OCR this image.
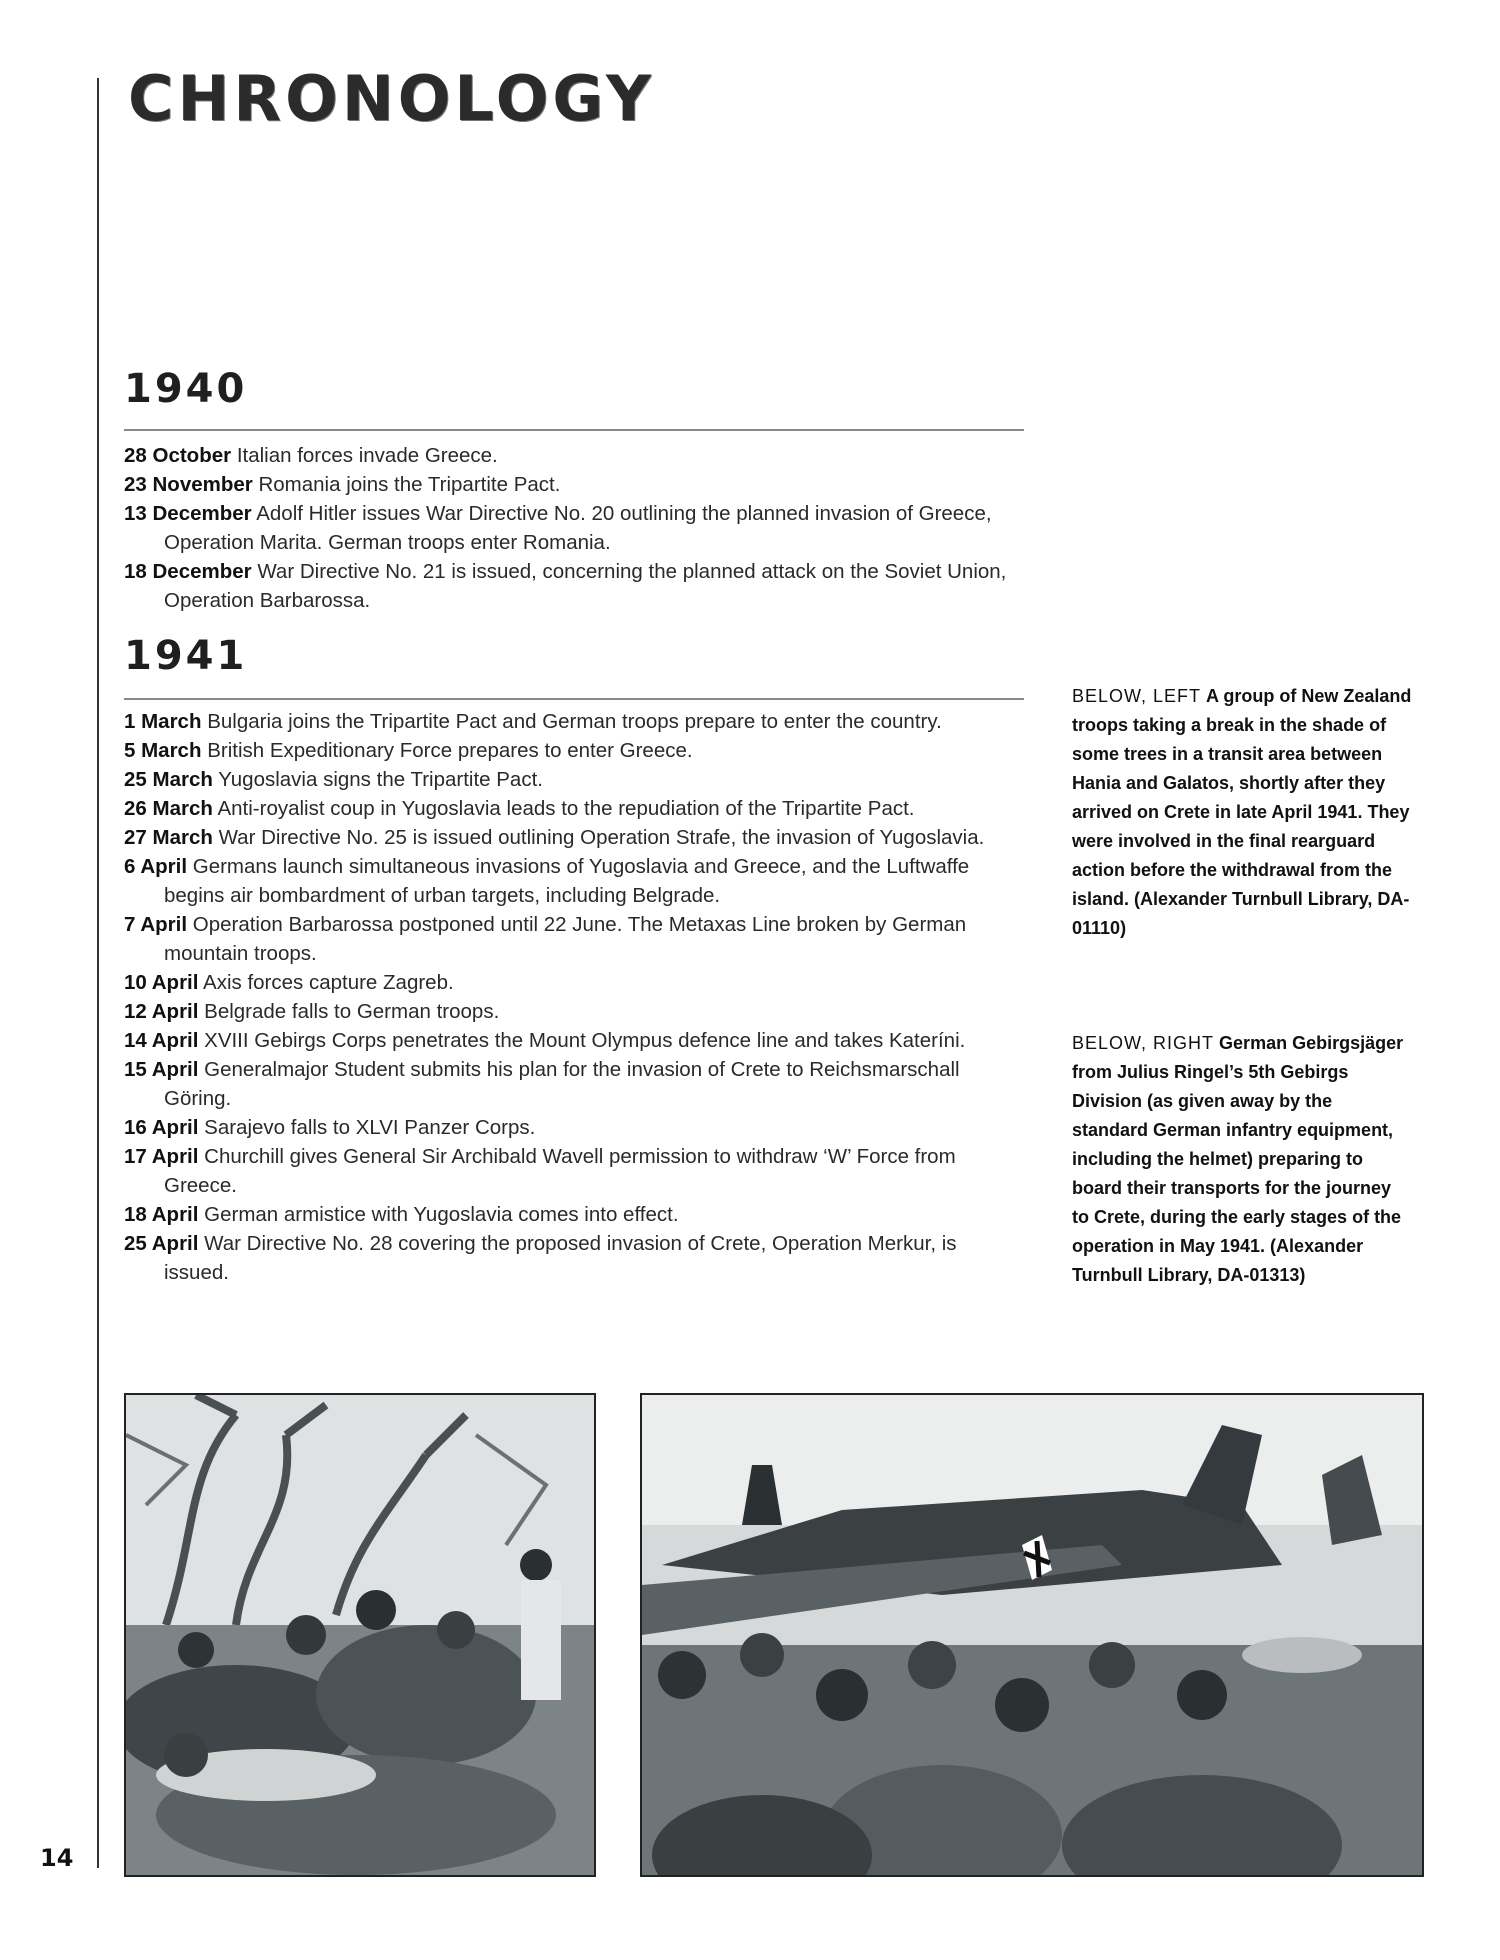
CHRONOLOGY
1940
28 October Italian forces invade Greece.
23 November Romania joins the Tripartite Pact.
13 December Adolf Hitler issues War Directive No. 20 outlining the planned invasion of Greece, Operation Marita. German troops enter Romania.
18 December War Directive No. 21 is issued, concerning the planned attack on the Soviet Union, Operation Barbarossa.
1941
1 March Bulgaria joins the Tripartite Pact and German troops prepare to enter the country.
5 March British Expeditionary Force prepares to enter Greece.
25 March Yugoslavia signs the Tripartite Pact.
26 March Anti-royalist coup in Yugoslavia leads to the repudiation of the Tripartite Pact.
27 March War Directive No. 25 is issued outlining Operation Strafe, the invasion of Yugoslavia.
6 April Germans launch simultaneous invasions of Yugoslavia and Greece, and the Luftwaffe begins air bombardment of urban targets, including Belgrade.
7 April Operation Barbarossa postponed until 22 June. The Metaxas Line broken by German mountain troops.
10 April Axis forces capture Zagreb.
12 April Belgrade falls to German troops.
14 April XVIII Gebirgs Corps penetrates the Mount Olympus defence line and takes Kateríni.
15 April Generalmajor Student submits his plan for the invasion of Crete to Reichsmarschall Göring.
16 April Sarajevo falls to XLVI Panzer Corps.
17 April Churchill gives General Sir Archibald Wavell permission to withdraw ‘W’ Force from Greece.
18 April German armistice with Yugoslavia comes into effect.
25 April War Directive No. 28 covering the proposed invasion of Crete, Operation Merkur, is issued.

BELOW, LEFT A group of New Zealand troops taking a break in the shade of some trees in a transit area between Hania and Galatos, shortly after they arrived on Crete in late April 1941. They were involved in the final rearguard action before the withdrawal from the island. (Alexander Turnbull Library, DA-01110)

BELOW, RIGHT German Gebirgsjäger from Julius Ringel’s 5th Gebirgs Division (as given away by the standard German infantry equipment, including the helmet) preparing to board their transports for the journey to Crete, during the early stages of the operation in May 1941. (Alexander Turnbull Library, DA-01313)

14
